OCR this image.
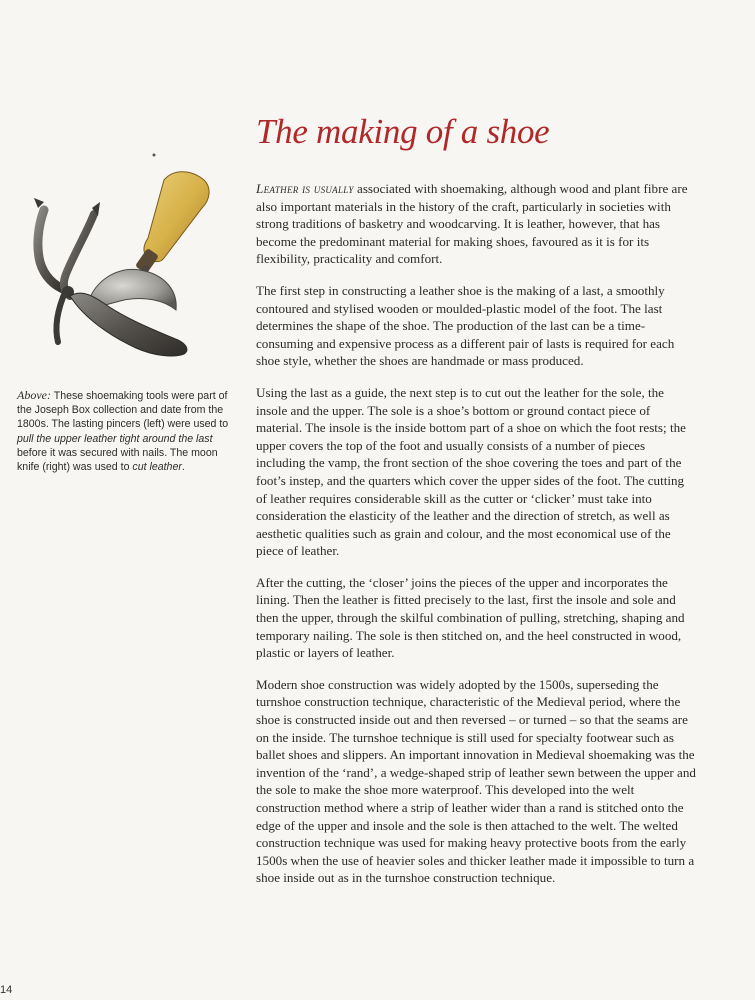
The making of a shoe
Above: These shoemaking tools were part of the Joseph Box collection and date from the 1800s. The lasting pincers (left) were used to pull the upper leather tight around the last before it was secured with nails. The moon knife (right) was used to cut leather.

Leather is usually associated with shoemaking, although wood and plant fibre are also important materials in the history of the craft, particularly in societies with strong traditions of basketry and woodcarving. It is leather, however, that has become the predominant material for making shoes, favoured as it is for its flexibility, practicality and comfort.

The first step in constructing a leather shoe is the making of a last, a smoothly contoured and stylised wooden or moulded-plastic model of the foot. The last determines the shape of the shoe. The production of the last can be a time-consuming and expensive process as a different pair of lasts is required for each shoe style, whether the shoes are handmade or mass produced.

Using the last as a guide, the next step is to cut out the leather for the sole, the insole and the upper. The sole is a shoe’s bottom or ground contact piece of material. The insole is the inside bottom part of a shoe on which the foot rests; the upper covers the top of the foot and usually consists of a number of pieces including the vamp, the front section of the shoe covering the toes and part of the foot’s instep, and the quarters which cover the upper sides of the foot. The cutting of leather requires considerable skill as the cutter or ‘clicker’ must take into consideration the elasticity of the leather and the direction of stretch, as well as aesthetic qualities such as grain and colour, and the most economical use of the piece of leather.

After the cutting, the ‘closer’ joins the pieces of the upper and incorporates the lining. Then the leather is fitted precisely to the last, first the insole and sole and then the upper, through the skilful combination of pulling, stretching, shaping and temporary nailing. The sole is then stitched on, and the heel constructed in wood, plastic or layers of leather.

Modern shoe construction was widely adopted by the 1500s, superseding the turnshoe construction technique, characteristic of the Medieval period, where the shoe is constructed inside out and then reversed – or turned – so that the seams are on the inside. The turnshoe technique is still used for specialty footwear such as ballet shoes and slippers. An important innovation in Medieval shoemaking was the invention of the ‘rand’, a wedge-shaped strip of leather sewn between the upper and the sole to make the shoe more waterproof. This developed into the welt construction method where a strip of leather wider than a rand is stitched onto the edge of the upper and insole and the sole is then attached to the welt. The welted construction technique was used for making heavy protective boots from the early 1500s when the use of heavier soles and thicker leather made it impossible to turn a shoe inside out as in the turnshoe construction technique.

14
